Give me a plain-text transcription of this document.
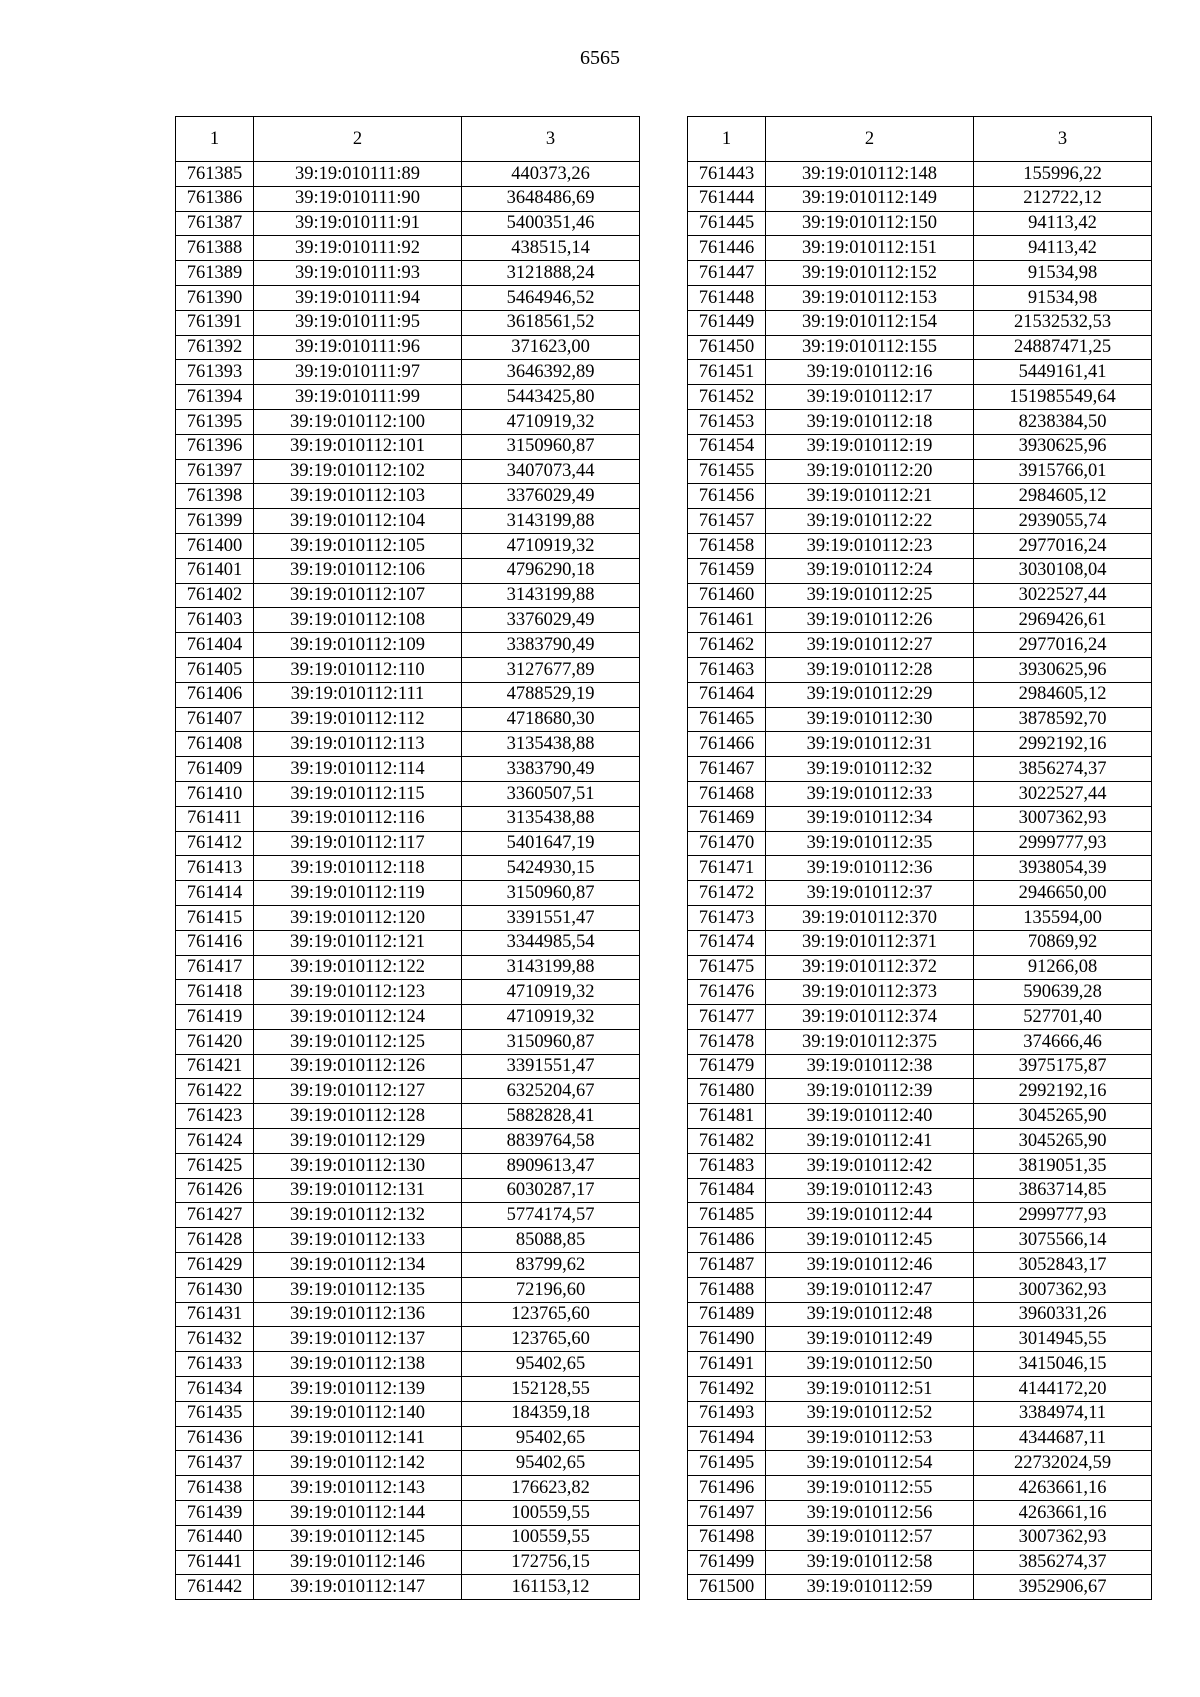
6565
1	2	3
761385	39:19:010111:89	440373,26
761386	39:19:010111:90	3648486,69
761387	39:19:010111:91	5400351,46
761388	39:19:010111:92	438515,14
761389	39:19:010111:93	3121888,24
761390	39:19:010111:94	5464946,52
761391	39:19:010111:95	3618561,52
761392	39:19:010111:96	371623,00
761393	39:19:010111:97	3646392,89
761394	39:19:010111:99	5443425,80
761395	39:19:010112:100	4710919,32
761396	39:19:010112:101	3150960,87
761397	39:19:010112:102	3407073,44
761398	39:19:010112:103	3376029,49
761399	39:19:010112:104	3143199,88
761400	39:19:010112:105	4710919,32
761401	39:19:010112:106	4796290,18
761402	39:19:010112:107	3143199,88
761403	39:19:010112:108	3376029,49
761404	39:19:010112:109	3383790,49
761405	39:19:010112:110	3127677,89
761406	39:19:010112:111	4788529,19
761407	39:19:010112:112	4718680,30
761408	39:19:010112:113	3135438,88
761409	39:19:010112:114	3383790,49
761410	39:19:010112:115	3360507,51
761411	39:19:010112:116	3135438,88
761412	39:19:010112:117	5401647,19
761413	39:19:010112:118	5424930,15
761414	39:19:010112:119	3150960,87
761415	39:19:010112:120	3391551,47
761416	39:19:010112:121	3344985,54
761417	39:19:010112:122	3143199,88
761418	39:19:010112:123	4710919,32
761419	39:19:010112:124	4710919,32
761420	39:19:010112:125	3150960,87
761421	39:19:010112:126	3391551,47
761422	39:19:010112:127	6325204,67
761423	39:19:010112:128	5882828,41
761424	39:19:010112:129	8839764,58
761425	39:19:010112:130	8909613,47
761426	39:19:010112:131	6030287,17
761427	39:19:010112:132	5774174,57
761428	39:19:010112:133	85088,85
761429	39:19:010112:134	83799,62
761430	39:19:010112:135	72196,60
761431	39:19:010112:136	123765,60
761432	39:19:010112:137	123765,60
761433	39:19:010112:138	95402,65
761434	39:19:010112:139	152128,55
761435	39:19:010112:140	184359,18
761436	39:19:010112:141	95402,65
761437	39:19:010112:142	95402,65
761438	39:19:010112:143	176623,82
761439	39:19:010112:144	100559,55
761440	39:19:010112:145	100559,55
761441	39:19:010112:146	172756,15
761442	39:19:010112:147	161153,12
1	2	3
761443	39:19:010112:148	155996,22
761444	39:19:010112:149	212722,12
761445	39:19:010112:150	94113,42
761446	39:19:010112:151	94113,42
761447	39:19:010112:152	91534,98
761448	39:19:010112:153	91534,98
761449	39:19:010112:154	21532532,53
761450	39:19:010112:155	24887471,25
761451	39:19:010112:16	5449161,41
761452	39:19:010112:17	151985549,64
761453	39:19:010112:18	8238384,50
761454	39:19:010112:19	3930625,96
761455	39:19:010112:20	3915766,01
761456	39:19:010112:21	2984605,12
761457	39:19:010112:22	2939055,74
761458	39:19:010112:23	2977016,24
761459	39:19:010112:24	3030108,04
761460	39:19:010112:25	3022527,44
761461	39:19:010112:26	2969426,61
761462	39:19:010112:27	2977016,24
761463	39:19:010112:28	3930625,96
761464	39:19:010112:29	2984605,12
761465	39:19:010112:30	3878592,70
761466	39:19:010112:31	2992192,16
761467	39:19:010112:32	3856274,37
761468	39:19:010112:33	3022527,44
761469	39:19:010112:34	3007362,93
761470	39:19:010112:35	2999777,93
761471	39:19:010112:36	3938054,39
761472	39:19:010112:37	2946650,00
761473	39:19:010112:370	135594,00
761474	39:19:010112:371	70869,92
761475	39:19:010112:372	91266,08
761476	39:19:010112:373	590639,28
761477	39:19:010112:374	527701,40
761478	39:19:010112:375	374666,46
761479	39:19:010112:38	3975175,87
761480	39:19:010112:39	2992192,16
761481	39:19:010112:40	3045265,90
761482	39:19:010112:41	3045265,90
761483	39:19:010112:42	3819051,35
761484	39:19:010112:43	3863714,85
761485	39:19:010112:44	2999777,93
761486	39:19:010112:45	3075566,14
761487	39:19:010112:46	3052843,17
761488	39:19:010112:47	3007362,93
761489	39:19:010112:48	3960331,26
761490	39:19:010112:49	3014945,55
761491	39:19:010112:50	3415046,15
761492	39:19:010112:51	4144172,20
761493	39:19:010112:52	3384974,11
761494	39:19:010112:53	4344687,11
761495	39:19:010112:54	22732024,59
761496	39:19:010112:55	4263661,16
761497	39:19:010112:56	4263661,16
761498	39:19:010112:57	3007362,93
761499	39:19:010112:58	3856274,37
761500	39:19:010112:59	3952906,67
